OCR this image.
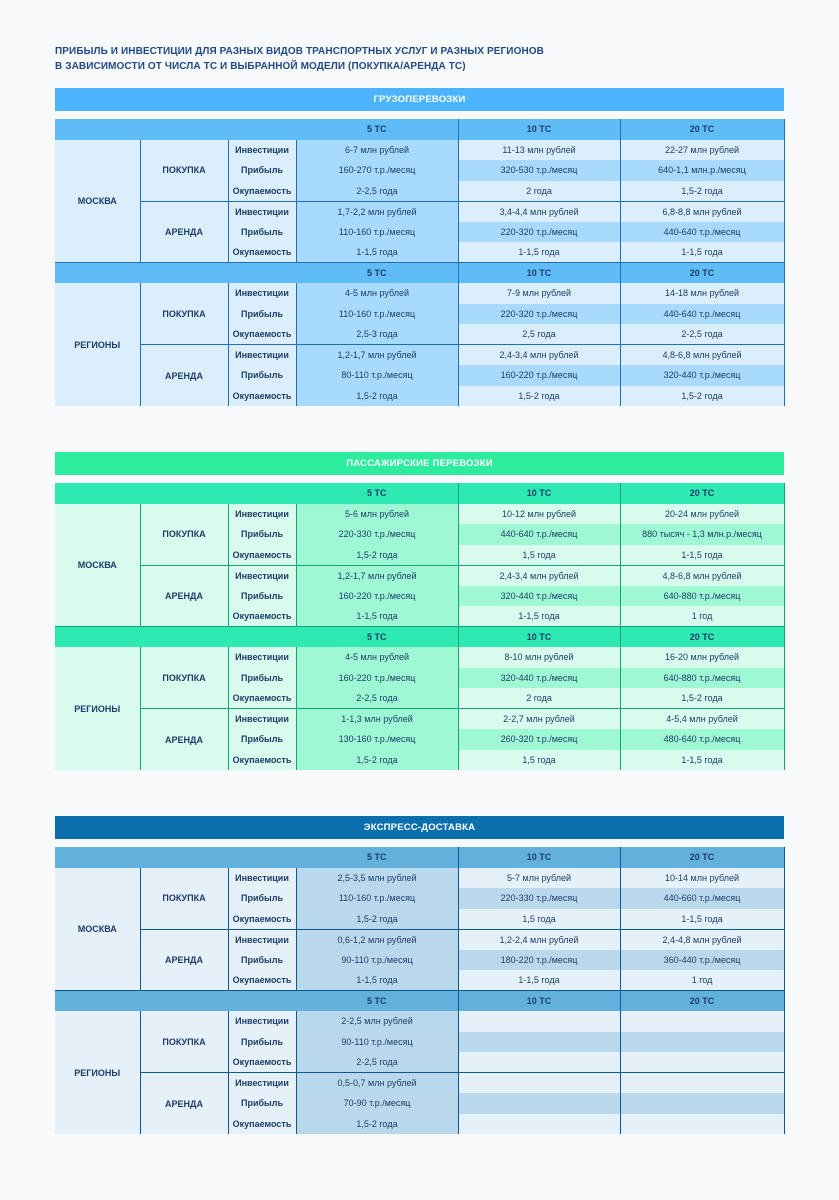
ПРИБЫЛЬ И ИНВЕСТИЦИИ ДЛЯ РАЗНЫХ ВИДОВ ТРАНСПОРТНЫХ УСЛУГ И РАЗНЫХ РЕГИОНОВ
В ЗАВИСИМОСТИ ОТ ЧИСЛА ТС И ВЫБРАННОЙ МОДЕЛИ (ПОКУПКА/АРЕНДА ТС)
ГРУЗОПЕРЕВОЗКИ
			5 ТС	10 ТС	20 ТС
МОСКВА	ПОКУПКА	Инвестиции	6-7 млн рублей	11-13 млн рублей	22-27 млн рублей
		Прибыль	160-270 т.р./месяц	320-530 т.р./месяц	640-1,1 млн.р./месяц
		Окупаемость	2-2,5 года	2 года	1,5-2 года
	АРЕНДА	Инвестиции	1,7-2,2 млн рублей	3,4-4,4 млн рублей	6,8-8,8 млн рублей
		Прибыль	110-160 т.р./месяц	220-320 т.р./месяц	440-640 т.р./месяц
		Окупаемость	1-1,5 года	1-1,5 года	1-1,5 года
			5 ТС	10 ТС	20 ТС
РЕГИОНЫ	ПОКУПКА	Инвестиции	4-5 млн рублей	7-9 млн рублей	14-18 млн рублей
		Прибыль	110-160 т.р./месяц	220-320 т.р./месяц	440-640 т.р./месяц
		Окупаемость	2,5-3 года	2,5 года	2-2,5 года
	АРЕНДА	Инвестиции	1,2-1,7 млн рублей	2,4-3,4 млн рублей	4,8-6,8 млн рублей
		Прибыль	80-110 т.р./месяц	160-220 т.р./месяц	320-440 т.р./месяц
		Окупаемость	1,5-2 года	1,5-2 года	1,5-2 года
ПАССАЖИРСКИЕ ПЕРЕВОЗКИ
			5 ТС	10 ТС	20 ТС
МОСКВА	ПОКУПКА	Инвестиции	5-6 млн рублей	10-12 млн рублей	20-24 млн рублей
		Прибыль	220-330 т.р./месяц	440-640 т.р./месяц	880 тысяч - 1,3 млн.р./месяц
		Окупаемость	1,5-2 года	1,5 года	1-1,5 года
	АРЕНДА	Инвестиции	1,2-1,7 млн рублей	2,4-3,4 млн рублей	4,8-6,8 млн рублей
		Прибыль	160-220 т.р./месяц	320-440 т.р./месяц	640-880 т.р./месяц
		Окупаемость	1-1,5 года	1-1,5 года	1 год
			5 ТС	10 ТС	20 ТС
РЕГИОНЫ	ПОКУПКА	Инвестиции	4-5 млн рублей	8-10 млн рублей	16-20 млн рублей
		Прибыль	160-220 т.р./месяц	320-440 т.р./месяц	640-880 т.р./месяц
		Окупаемость	2-2,5 года	2 года	1,5-2 года
	АРЕНДА	Инвестиции	1-1,3 млн рублей	2-2,7 млн рублей	4-5,4 млн рублей
		Прибыль	130-160 т.р./месяц	260-320 т.р./месяц	480-640 т.р./месяц
		Окупаемость	1,5-2 года	1,5 года	1-1,5 года
ЭКСПРЕСС-ДОСТАВКА
			5 ТС	10 ТС	20 ТС
МОСКВА	ПОКУПКА	Инвестиции	2,5-3,5 млн рублей	5-7 млн рублей	10-14 млн рублей
		Прибыль	110-160 т.р./месяц	220-330 т.р./месяц	440-660 т.р./месяц
		Окупаемость	1,5-2 года	1,5 года	1-1,5 года
	АРЕНДА	Инвестиции	0,6-1,2 млн рублей	1,2-2,4 млн рублей	2,4-4,8 млн рублей
		Прибыль	90-110 т.р./месяц	180-220 т.р./месяц	360-440 т.р./месяц
		Окупаемость	1-1,5 года	1-1,5 года	1 год
			5 ТС	10 ТС	20 ТС
РЕГИОНЫ	ПОКУПКА	Инвестиции	2-2,5 млн рублей		
		Прибыль	90-110 т.р./месяц		
		Окупаемость	2-2,5 года		
	АРЕНДА	Инвестиции	0,5-0,7 млн рублей		
		Прибыль	70-90 т.р./месяц		
		Окупаемость	1,5-2 года		
